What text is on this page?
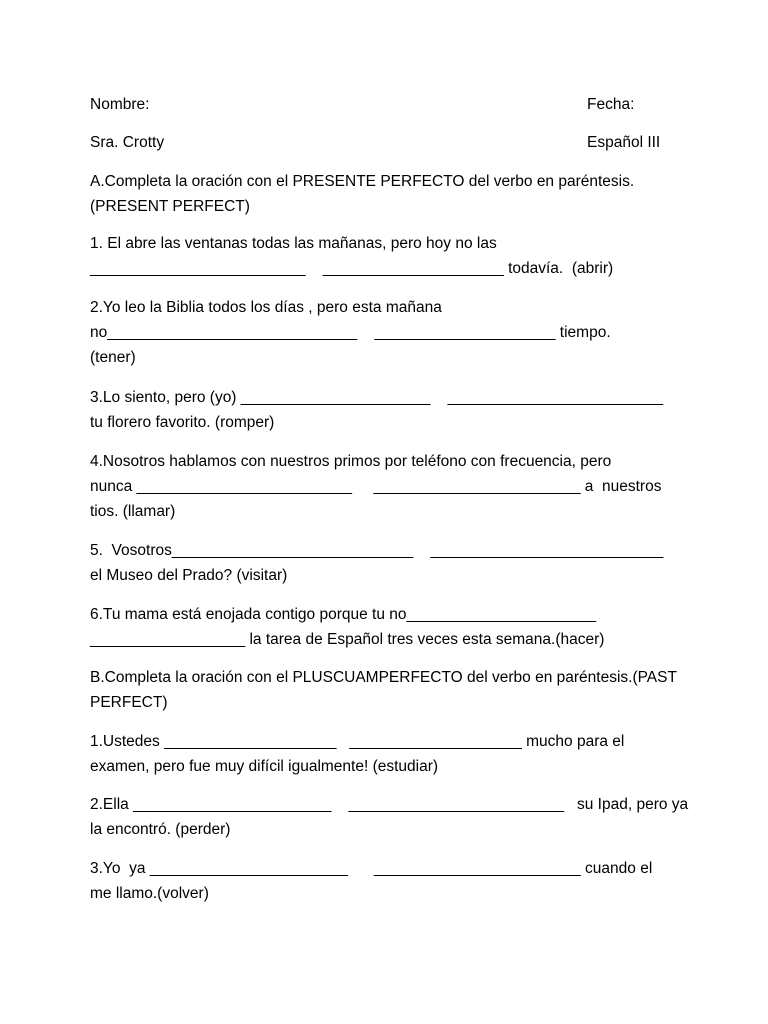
Nombre:	Fecha:
Sra. Crotty	Español III
A.Completa la oración con el PRESENTE PERFECTO del verbo en paréntesis.
(PRESENT PERFECT)
1. El abre las ventanas todas las mañanas, pero hoy no las
_________________________    _____________________ todavía.  (abrir)
2.Yo leo la Biblia todos los días , pero esta mañana
no_____________________________    _____________________ tiempo.
(tener)
3.Lo siento, pero (yo) ______________________    _________________________
tu florero favorito. (romper)
4.Nosotros hablamos con nuestros primos por teléfono con frecuencia, pero
nunca _________________________     ________________________ a  nuestros
tios. (llamar)
5.  Vosotros____________________________    ___________________________
el Museo del Prado? (visitar)
6.Tu mama está enojada contigo porque tu no______________________
__________________ la tarea de Español tres veces esta semana.(hacer)
B.Completa la oración con el PLUSCUAMPERFECTO del verbo en paréntesis.(PAST
PERFECT)
1.Ustedes ____________________   ____________________ mucho para el
examen, pero fue muy difícil igualmente! (estudiar)
2.Ella _______________________    _________________________   su Ipad, pero ya
la encontró. (perder)
3.Yo  ya _______________________      ________________________ cuando el
me llamo.(volver)
